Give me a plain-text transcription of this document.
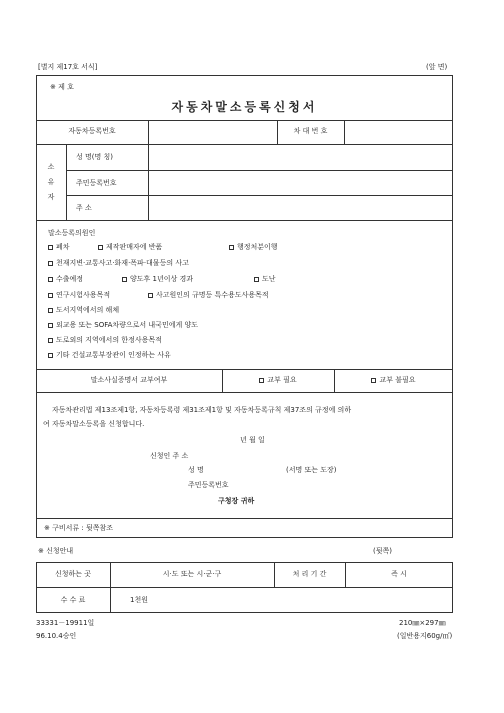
[별지 제17호 서식]	(앞 면)
※ 제 호
자동차말소등록신청서
자동차등록번호	차 대 번 호
소
유
자
성 명(명 칭)
주민등록번호
주 소
말소등록의원인
폐차	제작판매자에 반품	행정처분이행
천재지변·교통사고·화재·폭파·대물등의 사고
수출예정	양도후 1년이상 경과	도난
연구시험사용목적	사고원인의 규명등 특수용도사용목적
도서지역에서의 해체
외교용 또는 SOFA차량으로서 내국민에게 양도
도로외의 지역에서의 한정사용목적
기타 건설교통부장관이 인정하는 사유
말소사실증명서 교부여부	교부 필요	교부 불필요
자동차관리법 제13조제1항, 자동차등록령 제31조제1항 및 자동차등록규칙 제37조의 규정에 의하
여 자동차말소등록을 신청합니다.
년 월 일
신청인 주 소
성 명	(서명 또는 도장)
주민등록번호
구청장 귀하
※ 구비서류 : 뒷쪽참조
※ 신청안내	(뒷쪽)
신청하는 곳	시·도 또는 시·군·구	처 리 기 간	즉 시
수 수 료	1천원
33331－19911일
96.10.4승인
210㎜×297㎜
(일반용지60g/㎡)
